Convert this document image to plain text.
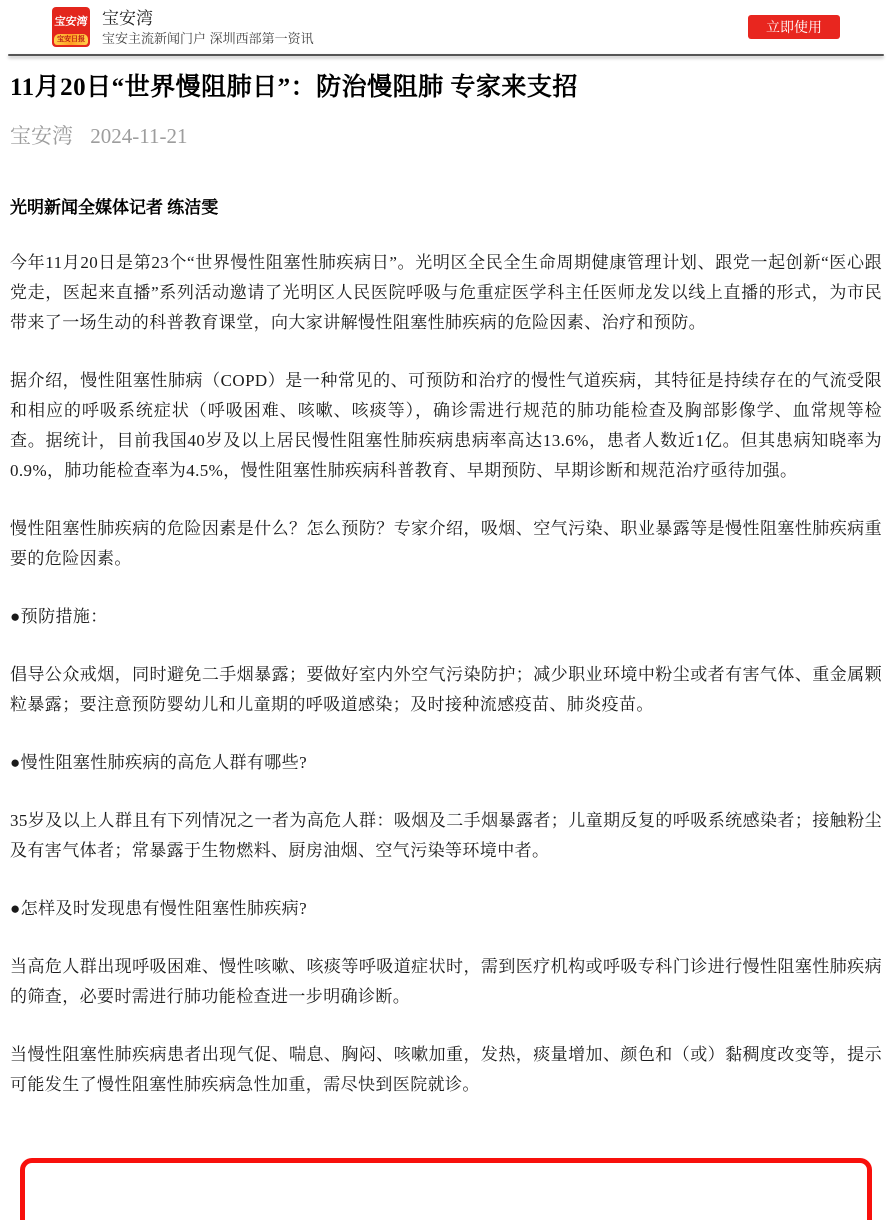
宝安湾
宝安日报
宝安湾
宝安主流新闻门户 深圳西部第一资讯
立即使用
11月20日“世界慢阻肺日”：防治慢阻肺 专家来支招
宝安湾 2024-11-21
光明新闻全媒体记者 练洁雯

今年11月20日是第23个“世界慢性阻塞性肺疾病日”。光明区全民全生命周期健康管理计划、跟党一起创新“医心跟党走，医起来直播”系列活动邀请了光明区人民医院呼吸与危重症医学科主任医师龙发以线上直播的形式，为市民带来了一场生动的科普教育课堂，向大家讲解慢性阻塞性肺疾病的危险因素、治疗和预防。

据介绍，慢性阻塞性肺病（COPD）是一种常见的、可预防和治疗的慢性气道疾病，其特征是持续存在的气流受限和相应的呼吸系统症状（呼吸困难、咳嗽、咳痰等），确诊需进行规范的肺功能检查及胸部影像学、血常规等检查。据统计，目前我国40岁及以上居民慢性阻塞性肺疾病患病率高达13.6%，患者人数近1亿。但其患病知晓率为0.9%，肺功能检查率为4.5%，慢性阻塞性肺疾病科普教育、早期预防、早期诊断和规范治疗亟待加强。

慢性阻塞性肺疾病的危险因素是什么？怎么预防？专家介绍，吸烟、空气污染、职业暴露等是慢性阻塞性肺疾病重要的危险因素。

●预防措施：

倡导公众戒烟，同时避免二手烟暴露；要做好室内外空气污染防护；减少职业环境中粉尘或者有害气体、重金属颗粒暴露；要注意预防婴幼儿和儿童期的呼吸道感染；及时接种流感疫苗、肺炎疫苗。

●慢性阻塞性肺疾病的高危人群有哪些?

35岁及以上人群且有下列情况之一者为高危人群：吸烟及二手烟暴露者；儿童期反复的呼吸系统感染者；接触粉尘及有害气体者；常暴露于生物燃料、厨房油烟、空气污染等环境中者。

●怎样及时发现患有慢性阻塞性肺疾病?

当高危人群出现呼吸困难、慢性咳嗽、咳痰等呼吸道症状时，需到医疗机构或呼吸专科门诊进行慢性阻塞性肺疾病的筛查，必要时需进行肺功能检查进一步明确诊断。

当慢性阻塞性肺疾病患者出现气促、喘息、胸闷、咳嗽加重，发热，痰量增加、颜色和（或）黏稠度改变等，提示可能发生了慢性阻塞性肺疾病急性加重，需尽快到医院就诊。
